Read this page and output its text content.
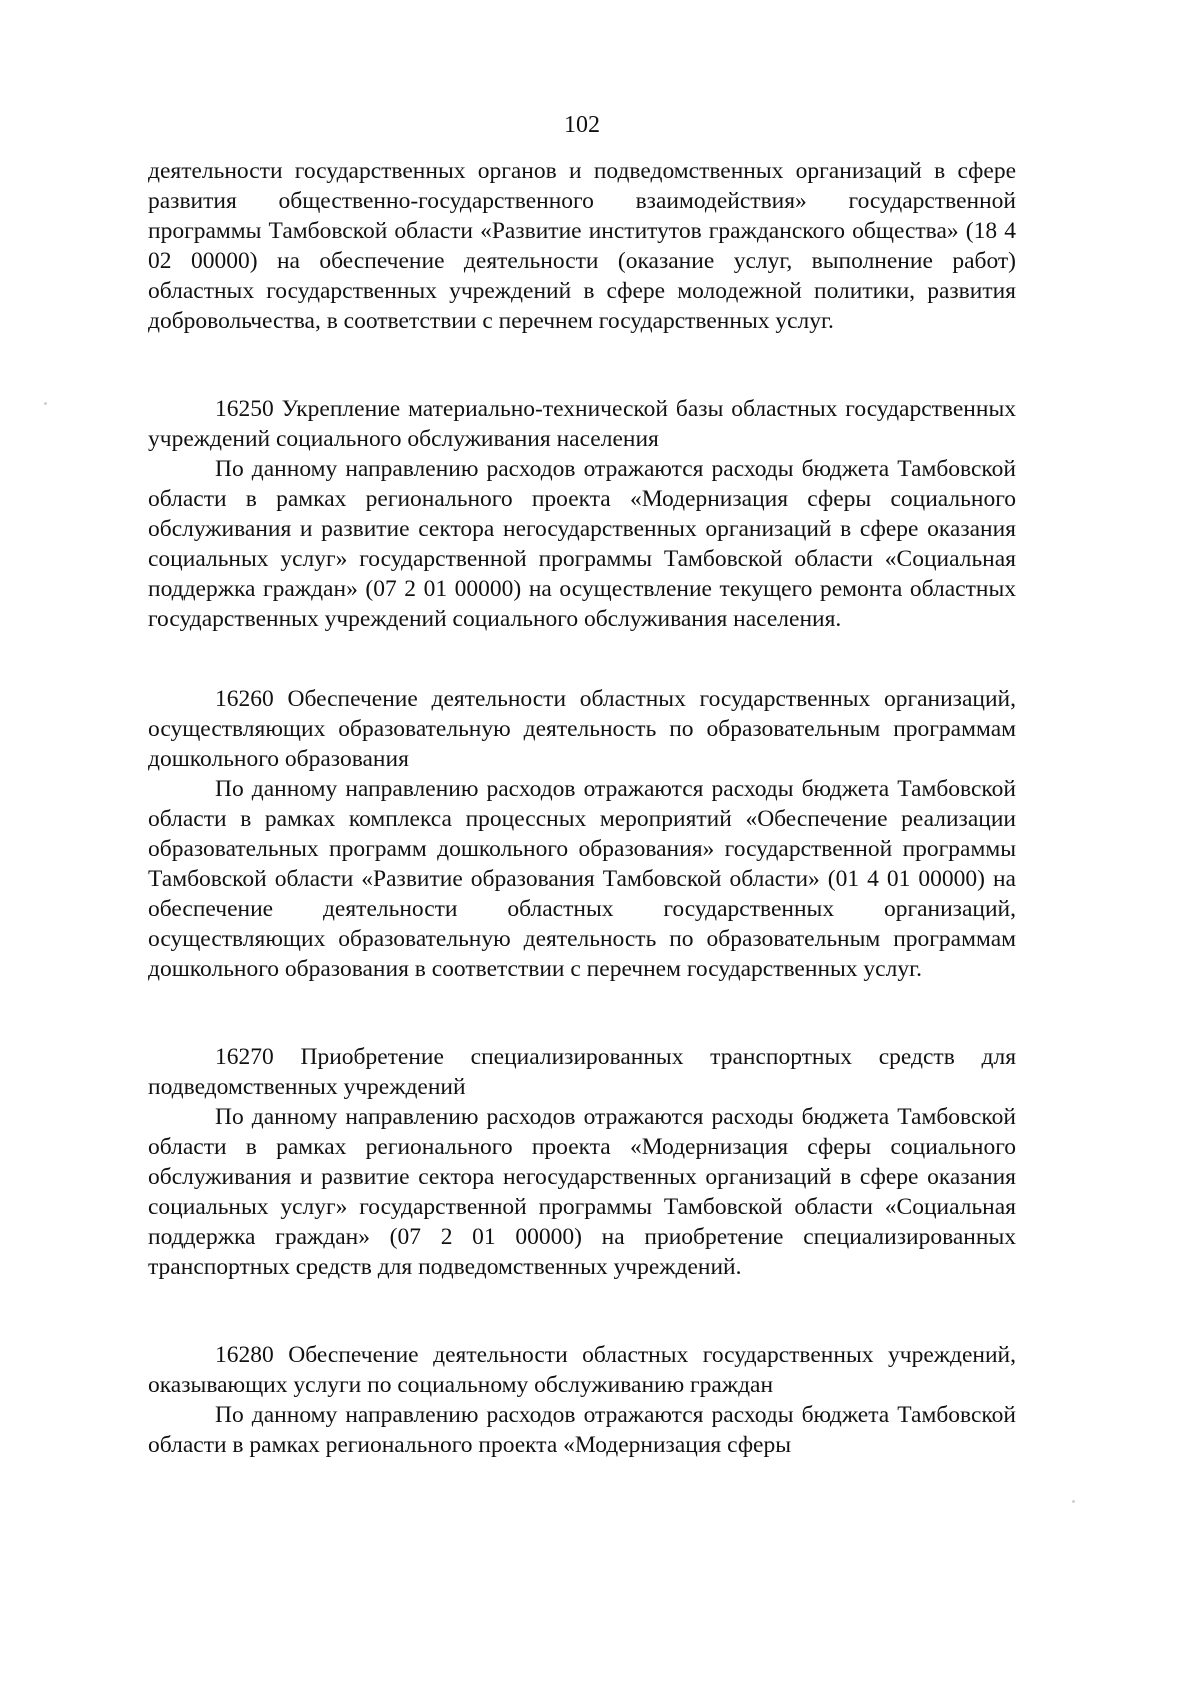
102

деятельности государственных органов и подведомственных организаций в сфере развития общественно-государственного взаимодействия» государственной программы Тамбовской области «Развитие институтов гражданского общества» (18 4 02 00000) на обеспечение деятельности (оказание услуг, выполнение работ) областных государственных учреждений в сфере молодежной политики, развития добровольчества, в соответствии с перечнем государственных услуг.

16250 Укрепление материально-технической базы областных государственных учреждений социального обслуживания населения

По данному направлению расходов отражаются расходы бюджета Тамбовской области в рамках регионального проекта «Модернизация сферы социального обслуживания и развитие сектора негосударственных организаций в сфере оказания социальных услуг» государственной программы Тамбовской области «Социальная поддержка граждан» (07 2 01 00000) на осуществление текущего ремонта областных государственных учреждений социального обслуживания населения.

16260 Обеспечение деятельности областных государственных организаций, осуществляющих образовательную деятельность по образовательным программам дошкольного образования

По данному направлению расходов отражаются расходы бюджета Тамбовской области в рамках комплекса процессных мероприятий «Обеспечение реализации образовательных программ дошкольного образования» государственной программы Тамбовской области «Развитие образования Тамбовской области» (01 4 01 00000) на обеспечение деятельности областных государственных организаций, осуществляющих образовательную деятельность по образовательным программам дошкольного образования в соответствии с перечнем государственных услуг.

16270 Приобретение специализированных транспортных средств для подведомственных учреждений

По данному направлению расходов отражаются расходы бюджета Тамбовской области в рамках регионального проекта «Модернизация сферы социального обслуживания и развитие сектора негосударственных организаций в сфере оказания социальных услуг» государственной программы Тамбовской области «Социальная поддержка граждан» (07 2 01 00000) на приобретение специализированных транспортных средств для подведомственных учреждений.

16280 Обеспечение деятельности областных государственных учреждений, оказывающих услуги по социальному обслуживанию граждан

По данному направлению расходов отражаются расходы бюджета Тамбовской области в рамках регионального проекта «Модернизация сферы
